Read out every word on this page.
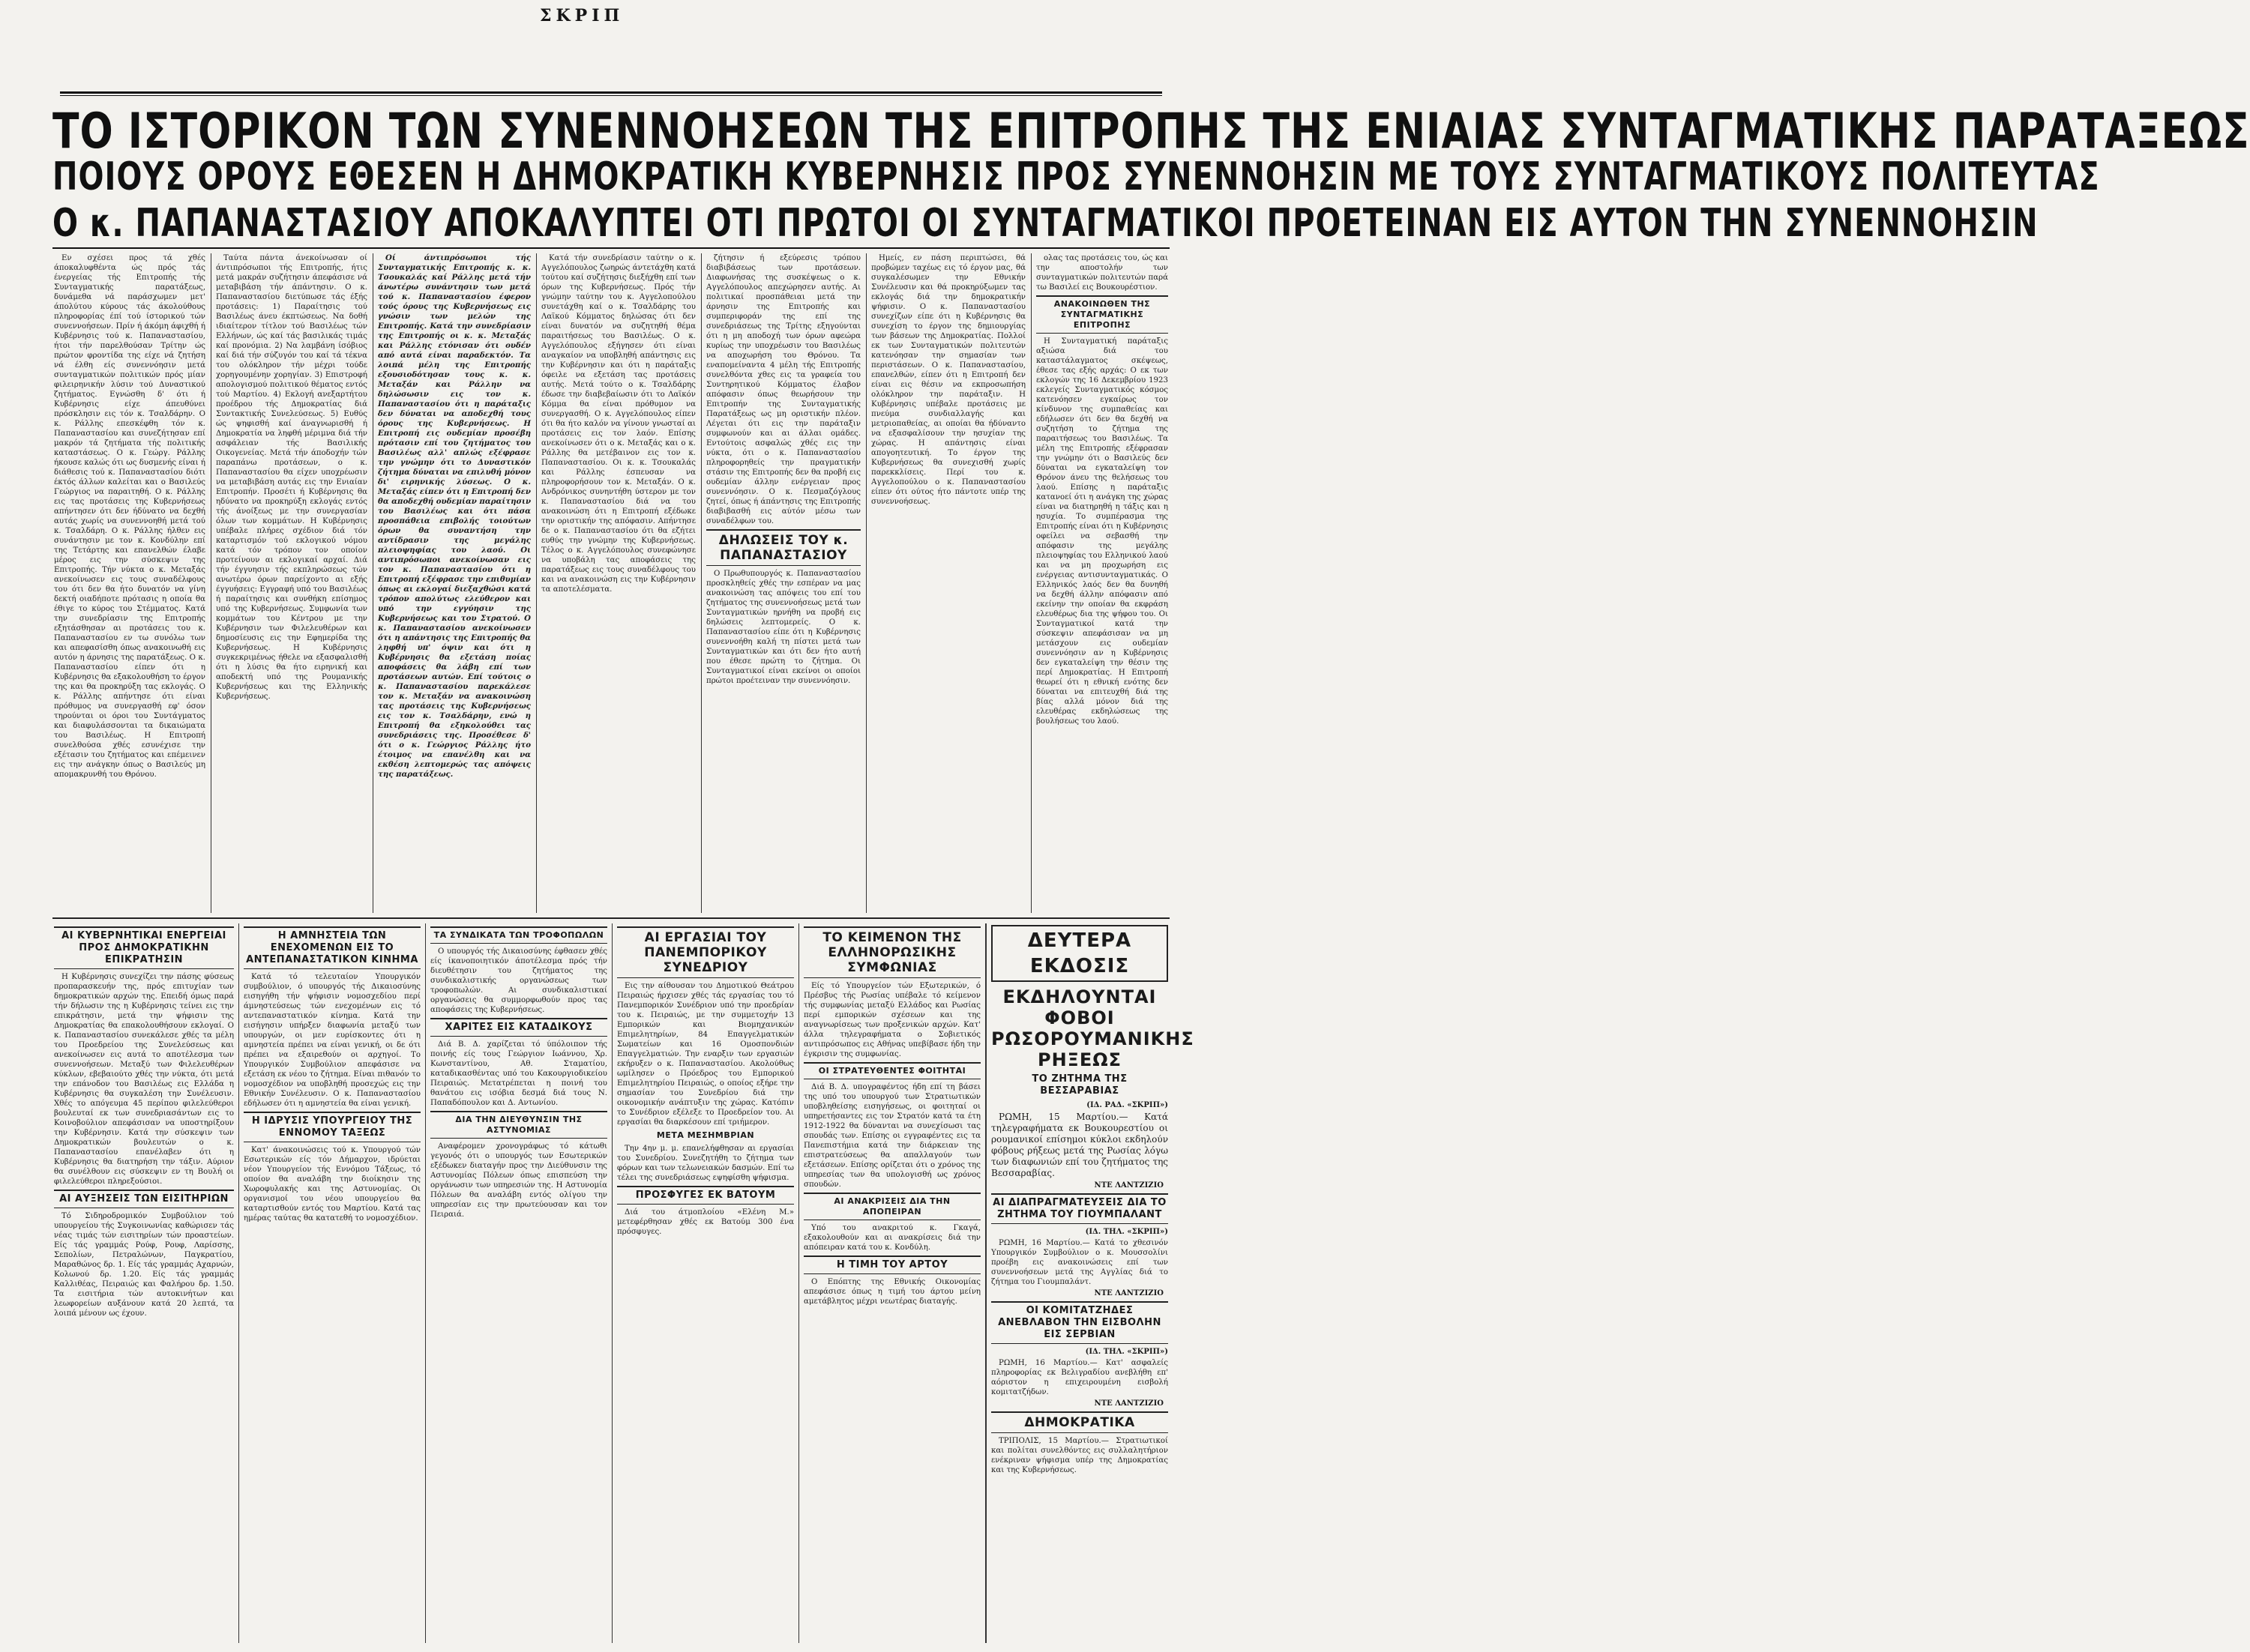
ΣΚΡΙΠ
ΤΟ ΙΣΤΟΡΙΚΟΝ ΤΩΝ ΣΥΝΕΝΝΟΗΣΕΩΝ ΤΗΣ ΕΠΙΤΡΟΠΗΣ ΤΗΣ ΕΝΙΑΙΑΣ ΣΥΝΤΑΓΜΑΤΙΚΗΣ ΠΑΡΑΤΑΞΕΩΣ
ΠΟΙΟΥΣ ΟΡΟΥΣ ΕΘΕΣΕΝ Η ΔΗΜΟΚΡΑΤΙΚΗ ΚΥΒΕΡΝΗΣΙΣ ΠΡΟΣ ΣΥΝΕΝΝΟΗΣΙΝ ΜΕ ΤΟΥΣ ΣΥΝΤΑΓΜΑΤΙΚΟΥΣ ΠΟΛΙΤΕΥΤΑΣ
Ο κ. ΠΑΠΑΝΑΣΤΑΣΙΟΥ ΑΠΟΚΑΛΥΠΤΕΙ ΟΤΙ ΠΡΩΤΟΙ ΟΙ ΣΥΝΤΑΓΜΑΤΙΚΟΙ ΠΡΟΕΤΕΙΝΑΝ ΕΙΣ ΑΥΤΟΝ ΤΗΝ ΣΥΝΕΝΝΟΗΣΙΝ

Εν σχέσει προς τά χθές άποκαλυφθέντα ώς πρός τάς ένεργείας τής Επιτροπής τής Συνταγματικής παρατάξεως, δυνάμεθα νά παράσχωμεν μετ' άπολύτου κύρους τάς άκολούθους πληροφορίας έπί τού ίστορικού τών συνεννοήσεων. Πρίν ή άκόμη άφιχθή ή Κυβέρνησις τού κ. Παπαναστασίου, ήτοι τήν παρελθούσαν Τρίτην ώς πρώτον φροντίδα της είχε νά ζητήση νά έλθη είς συνεννόησιν μετά συνταγματικών πολιτικών πρός μίαν φιλειρηνικήν λύσιν τού Δυναστικού ζητήματος. Εγνώσθη δ' ότι ή Κυβέρνησις είχε άπευθύνει πρόσκλησιν εις τόν κ. Τσαλδάρην. Ο κ. Ράλλης επεσκέφθη τόν κ. Παπαναστασίου και συνεζήτησαν επί μακρόν τά ζητήματα τής πολιτικής καταστάσεως. Ο κ. Γεώργ. Ράλλης ήκουσε καλώς ότι ως δυσμενής είναι ή διάθεσις τού κ. Παπαναστασίου διότι έκτός άλλων καλείται και ο Βασιλεύς Γεώργιος να παραιτηθή. Ο κ. Ράλλης εις τας προτάσεις της Κυβερνήσεως απήντησεν ότι δεν ήδύνατο να δεχθή αυτάς χωρίς να συνεννοηθή μετά τού κ. Τσαλδάρη. Ο κ. Ράλλης ήλθεν εις συνάντησιν με τον κ. Κονδύλην επί της Τετάρτης και επανελθών έλαβε μέρος εις την σύσκεψιν της Επιτροπής. Τήν νύκτα ο κ. Μεταξάς ανεκοίνωσεν εις τους συναδέλφους του ότι δεν θα ήτο δυνατόν να γίνη δεκτή οιαδήποτε πρότασις η οποία θα έθιγε το κύρος του Στέμματος. Κατά την συνεδρίασιν της Επιτροπής εξητάσθησαν αι προτάσεις του κ. Παπαναστασίου εν τω συνόλω των και απεφασίσθη όπως ανακοινωθή εις αυτόν η άρνησις της παρατάξεως. Ο κ. Παπαναστασίου είπεν ότι η Κυβέρνησις θα εξακολουθήση το έργον της και θα προκηρύξη τας εκλογάς. Ο κ. Ράλλης απήντησε ότι είναι πρόθυμος να συνεργασθή εφ' όσον τηρούνται οι όροι του Συντάγματος και διαφυλάσσονται τα δικαιώματα του Βασιλέως. Η Επιτροπή συνελθούσα χθές εσυνέχισε την εξέτασιν του ζητήματος και επέμεινεν εις την ανάγκην όπως ο Βασιλεύς μη απομακρυνθή του Θρόνου.

Ταύτα πάντα άνεκοίνωσαν οί άντιπρόσωποι τής Επιτροπής, ήτις μετά μακράν συζήτησιν άπεφάσισε νά μεταβιβάση τήν άπάντησιν. Ο κ. Παπαναστασίου διετύπωσε τάς έξής προτάσεις: 1) Παραίτησις τού Βασιλέως άνευ έκπτώσεως. Να δοθή ιδιαίτερον τίτλον τού Βασιλέως τών Ελλήνων, ώς καί τάς βασιλικάς τιμάς καί προνόμια. 2) Να λαμβάνη ίσόβιος καί διά τήν σύζυγόν του καί τά τέκνα του ολόκληρον τήν μέχρι τούδε χορηγουμένην χορηγίαν. 3) Επιστροφή απολογισμού πολιτικού θέματος εντός τού Μαρτίου. 4) Εκλογή ανεξαρτήτου προέδρου τής Δημοκρατίας διά Συντακτικής Συνελεύσεως. 5) Ευθύς ώς ψηφισθή καί άναγνωρισθή ή Δημοκρατία να ληφθή μέριμνα διά τήν ασφάλειαν τής Βασιλικής Οικογενείας. Μετά τήν άποδοχήν τών παραπάνω προτάσεων, ο κ. Παπαναστασίου θα είχεν υποχρέωσιν να μεταβιβάση αυτάς εις την Ενιαίαν Επιτροπήν. Προσέτι ή Κυβέρνησις θα ηδύνατο να προκηρύξη εκλογάς εντός τής άνοίξεως με την συνεργασίαν όλων των κομμάτων. Η Κυβέρνησις υπέβαλε πλήρες σχέδιον διά τόν καταρτισμόν τού εκλογικού νόμου κατά τόν τρόπον τον οποίον προτείνουν αι εκλογικαί αρχαί. Διά τήν έγγυησιν τής εκπληρώσεως τών ανωτέρω όρων παρείχοντο αι εξής έγγυήσεις: Εγγραφή υπό του Βασιλέως ή παραίτησις και συνθήκη επίσημος υπό της Κυβερνήσεως. Συμφωνία των κομμάτων του Κέντρου με την Κυβέρνησιν των Φιλελευθέρων και δημοσίευσις εις την Εφημερίδα της Κυβερνήσεως. Η Κυβέρνησις συγκεκριμένως ήθελε να εξασφαλισθή ότι η λύσις θα ήτο ειρηνική και αποδεκτή υπό της Ρουμανικής Κυβερνήσεως και της Ελληνικής Κυβερνήσεως.

Οί άντιπρόσωποι τής Συνταγματικής Επιτροπής κ. κ. Τσουκαλάς καί Ράλλης μετά τήν άνωτέρω συνάντησιν των μετά τού κ. Παπαναστασίου έφερον τούς όρους της Κυβερνήσεως εις γνώσιν των μελών της Επιτροπής. Κατά την συνεδρίασιν της Επιτροπής οι κ. κ. Μεταξάς και Ράλλης ετόνισαν ότι ουδέν από αυτά είναι παραδεκτόν. Τα λοιπά μέλη της Επιτροπής εξουσιοδότησαν τους κ. κ. Μεταξάν και Ράλλην να δηλώσωσιν εις τον κ. Παπαναστασίου ότι η παράταξις δεν δύναται να αποδεχθή τους όρους της Κυβερνήσεως. Η Επιτροπή εις ουδεμίαν προσέβη πρότασιν επί του ζητήματος του Βασιλέως αλλ' απλώς εξέφρασε την γνώμην ότι το Δυναστικόν ζήτημα δύναται να επιλυθή μόνον δι' ειρηνικής λύσεως. Ο κ. Μεταξάς είπεν ότι η Επιτροπή δεν θα αποδεχθή ουδεμίαν παραίτησιν του Βασιλέως και ότι πάσα προσπάθεια επιβολής τοιούτων όρων θα συναντήση την αντίδρασιν της μεγάλης πλειοψηφίας του λαού. Οι αντιπρόσωποι ανεκοίνωσαν εις τον κ. Παπαναστασίου ότι η Επιτροπή εξέφρασε την επιθυμίαν όπως αι εκλογαί διεξαχθώσι κατά τρόπον απολύτως ελεύθερον και υπό την εγγύησιν της Κυβερνήσεως και του Στρατού. Ο κ. Παπαναστασίου ανεκοίνωσεν ότι η απάντησις της Επιτροπής θα ληφθή υπ' όψιν και ότι η Κυβέρνησις θα εξετάση ποίας αποφάσεις θα λάβη επί των προτάσεων αυτών. Επί τούτοις ο κ. Παπαναστασίου παρεκάλεσε τον κ. Μεταξάν να ανακοινώση τας προτάσεις της Κυβερνήσεως εις τον κ. Τσαλδάρην, ενώ η Επιτροπή θα εξηκολούθει τας συνεδριάσεις της. Προσέθεσε δ' ότι ο κ. Γεώργιος Ράλλης ήτο έτοιμος να επανέλθη και να εκθέση λεπτομερώς τας απόψεις της παρατάξεως.

Κατά τήν συνεδρίασιν ταύτην ο κ. Αγγελόπουλος ζωηρώς άντετάχθη κατά τούτου καί συζήτησις διεξήχθη επί των όρων της Κυβερνήσεως. Πρός τήν γνώμην ταύτην του κ. Αγγελοπούλου συνετάχθη καί ο κ. Τσαλδάρης του Λαϊκού Κόμματος δηλώσας ότι δεν είναι δυνατόν να συζητηθή θέμα παραιτήσεως του Βασιλέως. Ο κ. Αγγελόπουλος εξήγησεν ότι είναι αναγκαίον να υποβληθή απάντησις εις την Κυβέρνησιν και ότι η παράταξις όφειλε να εξετάση τας προτάσεις αυτής. Μετά τούτο ο κ. Τσαλδάρης έδωσε την διαβεβαίωσιν ότι το Λαϊκόν Κόμμα θα είναι πρόθυμον να συνεργασθή. Ο κ. Αγγελόπουλος είπεν ότι θα ήτο καλόν να γίνουν γνωσταί αι προτάσεις εις τον λαόν. Επίσης ανεκοίνωσεν ότι ο κ. Μεταξάς και ο κ. Ράλλης θα μετέβαινον εις τον κ. Παπαναστασίου. Οι κ. κ. Τσουκαλάς και Ράλλης έσπευσαν να πληροφορήσουν τον κ. Μεταξάν. Ο κ. Ανδρόνικος συνηντήθη ύστερον με τον κ. Παπαναστασίου διά να του ανακοινώση ότι η Επιτροπή εξέδωκε την οριστικήν της απόφασιν. Απήντησε δε ο κ. Παπαναστασίου ότι θα εζήτει ευθύς την γνώμην της Κυβερνήσεως. Τέλος ο κ. Αγγελόπουλος συνεφώνησε να υποβάλη τας αποφάσεις της παρατάξεως εις τους συναδέλφους του και να ανακοινώση εις την Κυβέρνησιν τα αποτελέσματα.

ζήτησιν ή εξεύρεσις τρόπου διαβιβάσεως των προτάσεων. Διαφωνήσας της συσκέψεως ο κ. Αγγελόπουλος απεχώρησεν αυτής. Αι πολιτικαί προσπάθειαι μετά την άρνησιν της Επιτροπής και συμπεριφοράν της επί της συνεδριάσεως της Τρίτης εξηγούνται ότι η μη αποδοχή των όρων αφεώρα κυρίως την υποχρέωσιν του Βασιλέως να αποχωρήση του Θρόνου. Τα εναπομείναντα 4 μέλη τής Επιτροπής συνελθόντα χθες εις τα γραφεία του Συντηρητικού Κόμματος έλαβον απόφασιν όπως θεωρήσουν την Επιτροπήν της Συνταγματικής Παρατάξεως ως μη οριστικήν πλέον. Λέγεται ότι εις την παράταξιν συμφωνούν και αι άλλαι ομάδες. Εντούτοις ασφαλώς χθές εις την νύκτα, ότι ο κ. Παπαναστασίου πληροφορηθείς την πραγματικήν στάσιν της Επιτροπής δεν θα προβή εις ουδεμίαν άλλην ενέργειαν προς συνεννόησιν. Ο κ. Πεσμαζόγλους ζητεί, όπως ή άπάντησις της Επιτροπής διαβιβασθή εις αύτόν μέσω των συναδέλφων του.

ΔΗΛΩΣΕΙΣ ΤΟΥ κ. ΠΑΠΑΝΑΣΤΑΣΙΟΥ

Ο Πρωθυπουργός κ. Παπαναστασίου προσκληθείς χθές την εσπέραν να μας ανακοινώση τας απόψεις του επί του ζητήματος της συνεννοήσεως μετά των Συνταγματικών ηρνήθη να προβή εις δηλώσεις λεπτομερείς. Ο κ. Παπαναστασίου είπε ότι η Κυβέρνησις συνεννοήθη καλή τη πίστει μετά των Συνταγματικών και ότι δεν ήτο αυτή που έθεσε πρώτη το ζήτημα. Οι Συνταγματικοί είναι εκείνοι οι οποίοι πρώτοι προέτειναν την συνεννόησιν.

Ημείς, εν πάση περιπτώσει, θά προβώμεν ταχέως εις τό έργον μας, θά συγκαλέσωμεν την Εθνικήν Συνέλευσιν και θά προκηρύξωμεν τας εκλογάς διά την δημοκρατικήν ψήφισιν. Ο κ. Παπαναστασίου συνεχίζων είπε ότι η Κυβέρνησις θα συνεχίση το έργον της δημιουργίας των βάσεων της Δημοκρατίας. Πολλοί εκ των Συνταγματικών πολιτευτών κατενόησαν την σημασίαν των περιστάσεων. Ο κ. Παπαναστασίου, επανελθών, είπεν ότι η Επιτροπή δεν είναι εις θέσιν να εκπροσωπήση ολόκληρον την παράταξιν. Η Κυβέρνησις υπέβαλε προτάσεις με πνεύμα συνδιαλλαγής και μετριοπαθείας, αι οποίαι θα ήδύναντο να εξασφαλίσουν την ησυχίαν της χώρας. Η απάντησις είναι απογοητευτική. Το έργον της Κυβερνήσεως θα συνεχισθή χωρίς παρεκκλίσεις. Περί του κ. Αγγελοπούλου ο κ. Παπαναστασίου είπεν ότι ούτος ήτο πάντοτε υπέρ της συνεννοήσεως.

ολας τας προτάσεις του, ώς και την αποστολήν των συνταγματικών πολιτευτών παρά τω Βασιλεί εις Βουκουρέστιον.

ΑΝΑΚΟΙΝΩΘΕΝ ΤΗΣ ΣΥΝΤΑΓΜΑΤΙΚΗΣ ΕΠΙΤΡΟΠΗΣ

Η Συνταγματική παράταξις αξιώσα διά του καταστάλαγματος σκέψεως, έθεσε τας εξής αρχάς: Ο εκ των εκλογών της 16 Δεκεμβρίου 1923 εκλεγείς Συνταγματικός κόσμος κατενόησεν εγκαίρως τον κίνδυνον της συμπαθείας και εδήλωσεν ότι δεν θα δεχθή να συζητήση το ζήτημα της παραιτήσεως του Βασιλέως. Τα μέλη της Επιτροπής εξέφρασαν την γνώμην ότι ο Βασιλεύς δεν δύναται να εγκαταλείψη τον Θρόνον άνευ της θελήσεως του λαού. Επίσης η παράταξις κατανοεί ότι η ανάγκη της χώρας είναι να διατηρηθή η τάξις και η ησυχία. Το συμπέρασμα της Επιτροπής είναι ότι η Κυβέρνησις οφείλει να σεβασθή την απόφασιν της μεγάλης πλειοψηφίας του Ελληνικού λαού και να μη προχωρήση εις ενέργειας αντισυνταγματικάς. Ο Ελληνικός λαός δεν θα δυνηθή να δεχθή άλλην απόφασιν από εκείνην την οποίαν θα εκφράση ελευθέρως δια της ψήφου του. Οι Συνταγματικοί κατά την σύσκεψιν απεφάσισαν να μη μετάσχουν εις ουδεμίαν συνεννόησιν αν η Κυβέρνησις δεν εγκαταλείψη την θέσιν της περί Δημοκρατίας. Η Επιτροπή θεωρεί ότι η εθνική ενότης δεν δύναται να επιτευχθή διά της βίας αλλά μόνον διά της ελευθέρας εκδηλώσεως της βουλήσεως του λαού.

ΑΙ ΚΥΒΕΡΝΗΤΙΚΑΙ ΕΝΕΡΓΕΙΑΙ ΠΡΟΣ ΔΗΜΟΚΡΑΤΙΚΗΝ ΕΠΙΚΡΑΤΗΣΙΝ

Η Κυβέρνησις συνεχίζει την πάσης φύσεως προπαρασκευήν της, πρός επιτυχίαν των δημοκρατικών αρχών της. Επειδή όμως παρά τήν δήλωσιν της η Κυβέρνησις τείνει εις την επικράτησιν, μετά την ψήφισιν της Δημοκρατίας θα επακολουθήσουν εκλογαί. Ο κ. Παπαναστασίου συνεκάλεσε χθές τα μέλη του Προεδρείου της Συνελεύσεως και ανεκοίνωσεν εις αυτά το αποτέλεσμα των συνεννοήσεων. Μεταξύ των Φιλελευθέρων κύκλων, εβεβαιούτο χθές την νύκτα, ότι μετά την επάνοδον του Βασιλέως εις Ελλάδα η Κυβέρνησις θα συγκαλέση την Συνέλευσιν. Χθές το απόγευμα 45 περίπου φιλελεύθεροι βουλευταί εκ των συνεδριασάντων εις το Κοινοβούλιον απεφάσισαν να υποστηρίξουν την Κυβέρνησιν. Κατά την σύσκεψιν των Δημοκρατικών βουλευτών ο κ. Παπαναστασίου επανέλαβεν ότι η Κυβέρνησις θα διατηρήση την τάξιν. Αύριον θα συνέλθουν εις σύσκεψιν εν τη Βουλή οι φιλελεύθεροι πληρεξούσιοι.

ΑΙ ΑΥΞΗΣΕΙΣ ΤΩΝ ΕΙΣΙΤΗΡΙΩΝ

Τό Σιδηροδρομικόν Συμβούλιον τού υπουργείου τής Συγκοινωνίας καθώρισεν τάς νέας τιμάς τών εισιτηρίων τών προαστείων. Είς τάς γραμμάς Ρούφ, Ρουφ, Λαρίσσης, Σεπολίων, Πετραλώνων, Παγκρατίου, Μαραθώνος δρ. 1. Είς τάς γραμμάς Αχαρνών, Κολωνού δρ. 1.20. Είς τάς γραμμάς Καλλιθέας, Πειραιώς και Φαλήρου δρ. 1.50. Τα εισιτήρια τών αυτοκινήτων και λεωφορείων αυξάνουν κατά 20 λεπτά, τα λοιπά μένουν ως έχουν.

Η ΑΜΝΗΣΤΕΙΑ ΤΩΝ ΕΝΕΧΟΜΕΝΩΝ ΕΙΣ ΤΟ ΑΝΤΕΠΑΝΑΣΤΑΤΙΚΟΝ ΚΙΝΗΜΑ

Κατά τό τελευταίον Υπουργικόν συμβούλιον, ό υπουργός τής Δικαιοσύνης εισηγήθη τήν ψήφισιν νομοσχεδίου περί άμνηστεύσεως τών ενεχομένων εις τό αντεπαναστατικόν κίνημα. Κατά την εισήγησιν υπήρξεν διαφωνία μεταξύ των υπουργών, οι μεν ευρίσκοντες ότι η αμνηστεία πρέπει να είναι γενική, οι δε ότι πρέπει να εξαιρεθούν οι αρχηγοί. Το Υπουργικόν Συμβούλιον απεφάσισε να εξετάση εκ νέου το ζήτημα. Είναι πιθανόν το νομοσχέδιον να υποβληθή προσεχώς εις την Εθνικήν Συνέλευσιν. Ο κ. Παπαναστασίου εδήλωσεν ότι η αμνηστεία θα είναι γενική.

Η ΙΔΡΥΣΙΣ ΥΠΟΥΡΓΕΙΟΥ ΤΗΣ ΕΝΝΟΜΟΥ ΤΑΞΕΩΣ

Κατ' άνακοινώσεις τού κ. Υπουργού τών Εσωτερικών είς τόν Δήμαρχον, ιδρύεται νέον Υπουργείον τής Εννόμου Τάξεως, τό οποίον θα αναλάβη την διοίκησιν της Χωροφυλακής και της Αστυνομίας. Οι οργανισμοί του νέου υπουργείου θα καταρτισθούν εντός του Μαρτίου. Κατά τας ημέρας ταύτας θα κατατεθή το νομοσχέδιον.

ΤΑ ΣΥΝΔΙΚΑΤΑ ΤΩΝ ΤΡΟΦΟΠΩΛΩΝ

Ο υπουργός τής Δικαιοσύνης έφθασεν χθές είς ίκανοποιητικόν άποτέλεσμα πρός τήν διευθέτησιν του ζητήματος της συνδικαλιστικής οργανώσεως των τροφοπωλών. Αι συνδικαλιστικαί οργανώσεις θα συμμορφωθούν προς τας αποφάσεις της Κυβερνήσεως.

ΧΑΡΙΤΕΣ ΕΙΣ ΚΑΤΑΔΙΚΟΥΣ

Διά Β. Δ. χαρίζεται τό ύπόλοιπον τής ποινής είς τους Γεώργιον Ιωάννου, Χρ. Κωνσταντίνου, Αθ. Σταματίου, καταδικασθέντας υπό του Κακουργιοδικείου Πειραιώς. Μετατρέπεται η ποινή του θανάτου εις ισόβια δεσμά διά τους Ν. Παπαδόπουλον και Δ. Αντωνίου.

ΔΙΑ ΤΗΝ ΔΙΕΥΘΥΝΣΙΝ ΤΗΣ ΑΣΤΥΝΟΜΙΑΣ

Αναφέρομεν χρονογράφως τό κάτωθι γεγονός ότι ο υπουργός των Εσωτερικών εξέδωκεν διαταγήν προς την Διεύθυνσιν της Αστυνομίας Πόλεων όπως επισπεύση την οργάνωσιν των υπηρεσιών της. Η Αστυνομία Πόλεων θα αναλάβη εντός ολίγου την υπηρεσίαν εις την πρωτεύουσαν και τον Πειραιά.

ΑΙ ΕΡΓΑΣΙΑΙ ΤΟΥ ΠΑΝΕΜΠΟΡΙΚΟΥ ΣΥΝΕΔΡΙΟΥ

Εις την αίθουσαν του Δημοτικού Θεάτρου Πειραιώς ήρχισεν χθές τάς εργασίας του τό Πανεμπορικόν Συνέδριον υπό την προεδρίαν του κ. Πειραιώς, με την συμμετοχήν 13 Εμπορικών και Βιομηχανικών Επιμελητηρίων, 84 Επαγγελματικών Σωματείων και 16 Ομοσπονδιών Επαγγελματιών. Την εναρξιν των εργασιών εκήρυξεν ο κ. Παπαναστασίου. Ακολούθως ωμίλησεν ο Πρόεδρος του Εμπορικού Επιμελητηρίου Πειραιώς, ο οποίος εξήρε την σημασίαν του Συνεδρίου διά την οικονομικήν ανάπτυξιν της χώρας. Κατόπιν το Συνέδριον εξέλεξε το Προεδρείον του. Αι εργασίαι θα διαρκέσουν επί τριήμερον.

ΜΕΤΑ ΜΕΣΗΜΒΡΙΑΝ

Την 4ην μ. μ. επανελήφθησαν αι εργασίαι του Συνεδρίου. Συνεζητήθη το ζήτημα των φόρων και των τελωνειακών δασμών. Επί τω τέλει της συνεδριάσεως εψηφίσθη ψήφισμα.

ΠΡΟΣΦΥΓΕΣ ΕΚ ΒΑΤΟΥΜ

Διά του άτμοπλοίου «Ελένη Μ.» μετεφέρθησαν χθές εκ Βατούμ 300 ένα πρόσφυγες.

ΤΟ ΚΕΙΜΕΝΟΝ ΤΗΣ ΕΛΛΗΝΟΡΩΣΙΚΗΣ ΣΥΜΦΩΝΙΑΣ

Είς τό Υπουργείον τών Εξωτερικών, ό Πρέσβυς τής Ρωσίας υπέβαλε τό κείμενον τής συμφωνίας μεταξύ Ελλάδος και Ρωσίας περί εμπορικών σχέσεων και της αναγνωρίσεως των προξενικών αρχών. Κατ' άλλα τηλεγραφήματα ο Σοβιετικός αντιπρόσωπος εις Αθήνας υπεβίβασε ήδη την έγκρισιν της συμφωνίας.

ΟΙ ΣΤΡΑΤΕΥΘΕΝΤΕΣ ΦΟΙΤΗΤΑΙ

Διά Β. Δ. υπογραφέντος ήδη επί τη βάσει της υπό του υπουργού των Στρατιωτικών υποβληθείσης εισηγήσεως, οι φοιτηταί οι υπηρετήσαντες εις τον Στρατόν κατά τα έτη 1912-1922 θα δύνανται να συνεχίσωσι τας σπουδάς των. Επίσης οι εγγραφέντες εις τα Πανεπιστήμια κατά την διάρκειαν της επιστρατεύσεως θα απαλλαγούν των εξετάσεων. Επίσης ορίζεται ότι ο χρόνος της υπηρεσίας των θα υπολογισθή ως χρόνος σπουδών.

ΑΙ ΑΝΑΚΡΙΣΕΙΣ ΔΙΑ ΤΗΝ ΑΠΟΠΕΙΡΑΝ

Υπό του ανακριτού κ. Γκαγά, εξακολουθούν και αι ανακρίσεις διά την απόπειραν κατά του κ. Κονδύλη.

Η ΤΙΜΗ ΤΟΥ ΑΡΤΟΥ

Ο Επόπτης της Εθνικής Οικονομίας απεφάσισε όπως η τιμή του άρτου μείνη αμετάβλητος μέχρι νεωτέρας διαταγής.

ΔΕΥΤΕΡΑ ΕΚΔΟΣΙΣ
ΕΚΔΗΛΟΥΝΤΑΙ ΦΟΒΟΙ ΡΩΣΟΡΟΥΜΑΝΙΚΗΣ ΡΗΞΕΩΣ

ΤΟ ΖΗΤΗΜΑ ΤΗΣ ΒΕΣΣΑΡΑΒΙΑΣ

(ΙΔ. ΡΑΔ. «ΣΚΡΙΠ»)

ΡΩΜΗ, 15 Μαρτίου.— Κατά τηλεγραφήματα εκ Βουκουρεστίου οι ρουμανικοί επίσημοι κύκλοι εκδηλούν φόβους ρήξεως μετά της Ρωσίας λόγω των διαφωνιών επί του ζητήματος της Βεσσαραβίας.

ΝΤΕ ΛΑΝΤΖΙΖΙΟ

ΑΙ ΔΙΑΠΡΑΓΜΑΤΕΥΣΕΙΣ ΔΙΑ ΤΟ ΖΗΤΗΜΑ ΤΟΥ ΓΙΟΥΜΠΑΛΑΝΤ

(ΙΔ. ΤΗΛ. «ΣΚΡΙΠ»)

ΡΩΜΗ, 16 Μαρτίου.— Κατά το χθεσινόν Υπουργικόν Συμβούλιον ο κ. Μουσσολίνι προέβη εις ανακοινώσεις επί των συνεννοήσεων μετά της Αγγλίας διά το ζήτημα του Γιουμπαλάντ.

ΝΤΕ ΛΑΝΤΖΙΖΙΟ

ΟΙ ΚΟΜΙΤΑΤΖΗΔΕΣ ΑΝΕΒΛΑΒΟΝ ΤΗΝ ΕΙΣΒΟΛΗΝ ΕΙΣ ΣΕΡΒΙΑΝ

(ΙΔ. ΤΗΛ. «ΣΚΡΙΠ»)

ΡΩΜΗ, 16 Μαρτίου.— Κατ' ασφαλείς πληροφορίας εκ Βελιγραδίου ανεβλήθη επ' αόριστον η επιχειρουμένη εισβολή κομιτατζήδων.

ΝΤΕ ΛΑΝΤΖΙΖΙΟ

ΔΗΜΟΚΡΑΤΙΚΑ

ΤΡΙΠΟΛΙΣ, 15 Μαρτίου.— Στρατιωτικοί και πολίται συνελθόντες εις συλλαλητήριον ενέκριναν ψήφισμα υπέρ της Δημοκρατίας και της Κυβερνήσεως.
